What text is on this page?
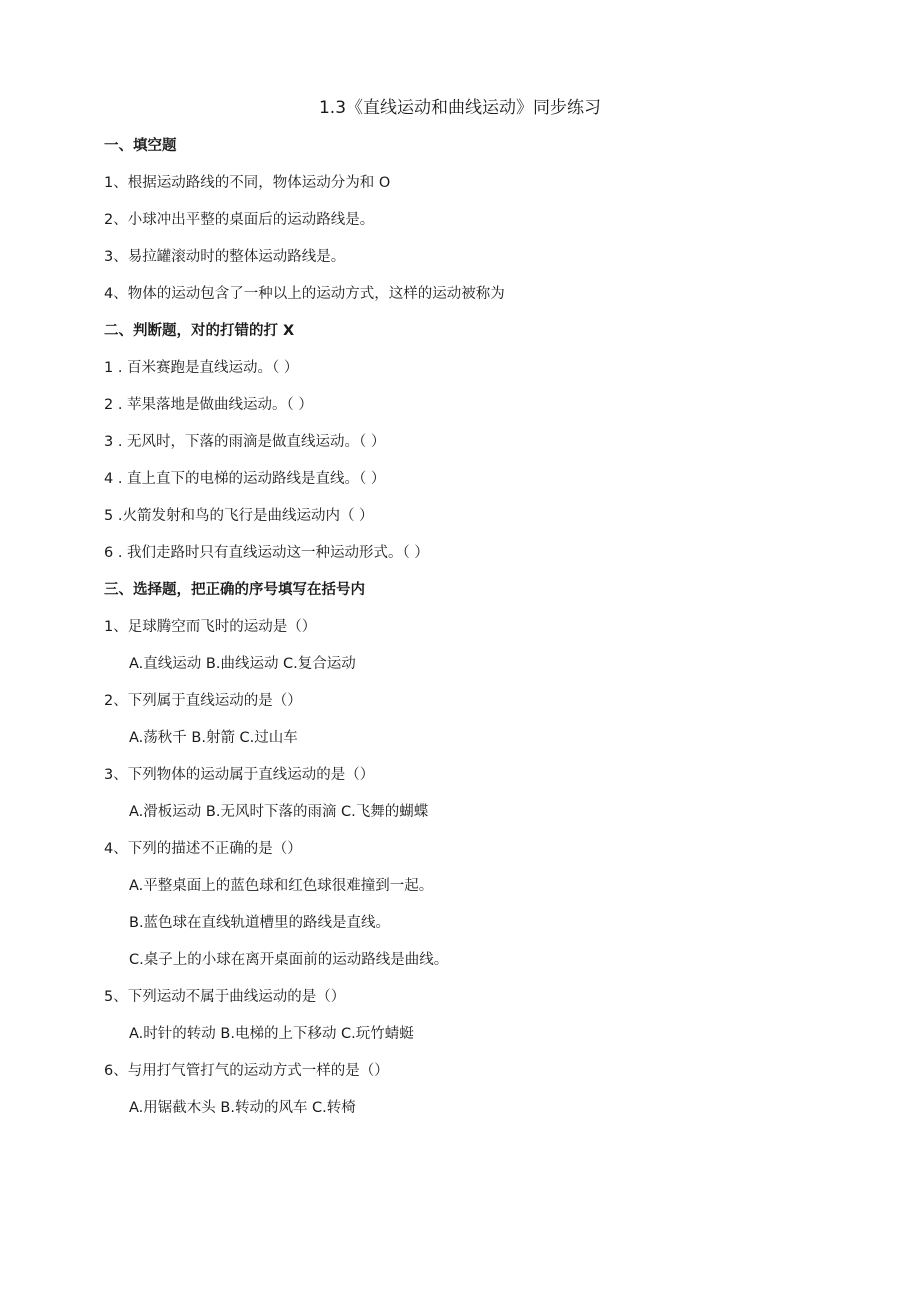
1.3《直线运动和曲线运动》同步练习
一、填空题
1、根据运动路线的不同，物体运动分为和 O
2、小球冲出平整的桌面后的运动路线是。
3、易拉罐滚动时的整体运动路线是。
4、物体的运动包含了一种以上的运动方式，这样的运动被称为
二、判断题，对的打错的打 X
1 . 百米赛跑是直线运动。（ ）
2 . 苹果落地是做曲线运动。（ ）
3 . 无风时，下落的雨滴是做直线运动。（ ）
4 . 直上直下的电梯的运动路线是直线。（ ）
5 .火箭发射和鸟的飞行是曲线运动内（ ）
6 . 我们走路时只有直线运动这一种运动形式。（ ）
三、选择题，把正确的序号填写在括号内
1、足球腾空而飞时的运动是（）
A.直线运动 B.曲线运动 C.复合运动
2、下列属于直线运动的是（）
A.荡秋千 B.射箭 C.过山车
3、下列物体的运动属于直线运动的是（）
A.滑板运动 B.无风时下落的雨滴 C.飞舞的蝴蝶
4、下列的描述不正确的是（）
A.平整桌面上的蓝色球和红色球很难撞到一起。
B.蓝色球在直线轨道槽里的路线是直线。
C.桌子上的小球在离开桌面前的运动路线是曲线。
5、下列运动不属于曲线运动的是（）
A.时针的转动 B.电梯的上下移动 C.玩竹蜻蜓
6、与用打气管打气的运动方式一样的是（）
A.用锯截木头 B.转动的风车 C.转椅
